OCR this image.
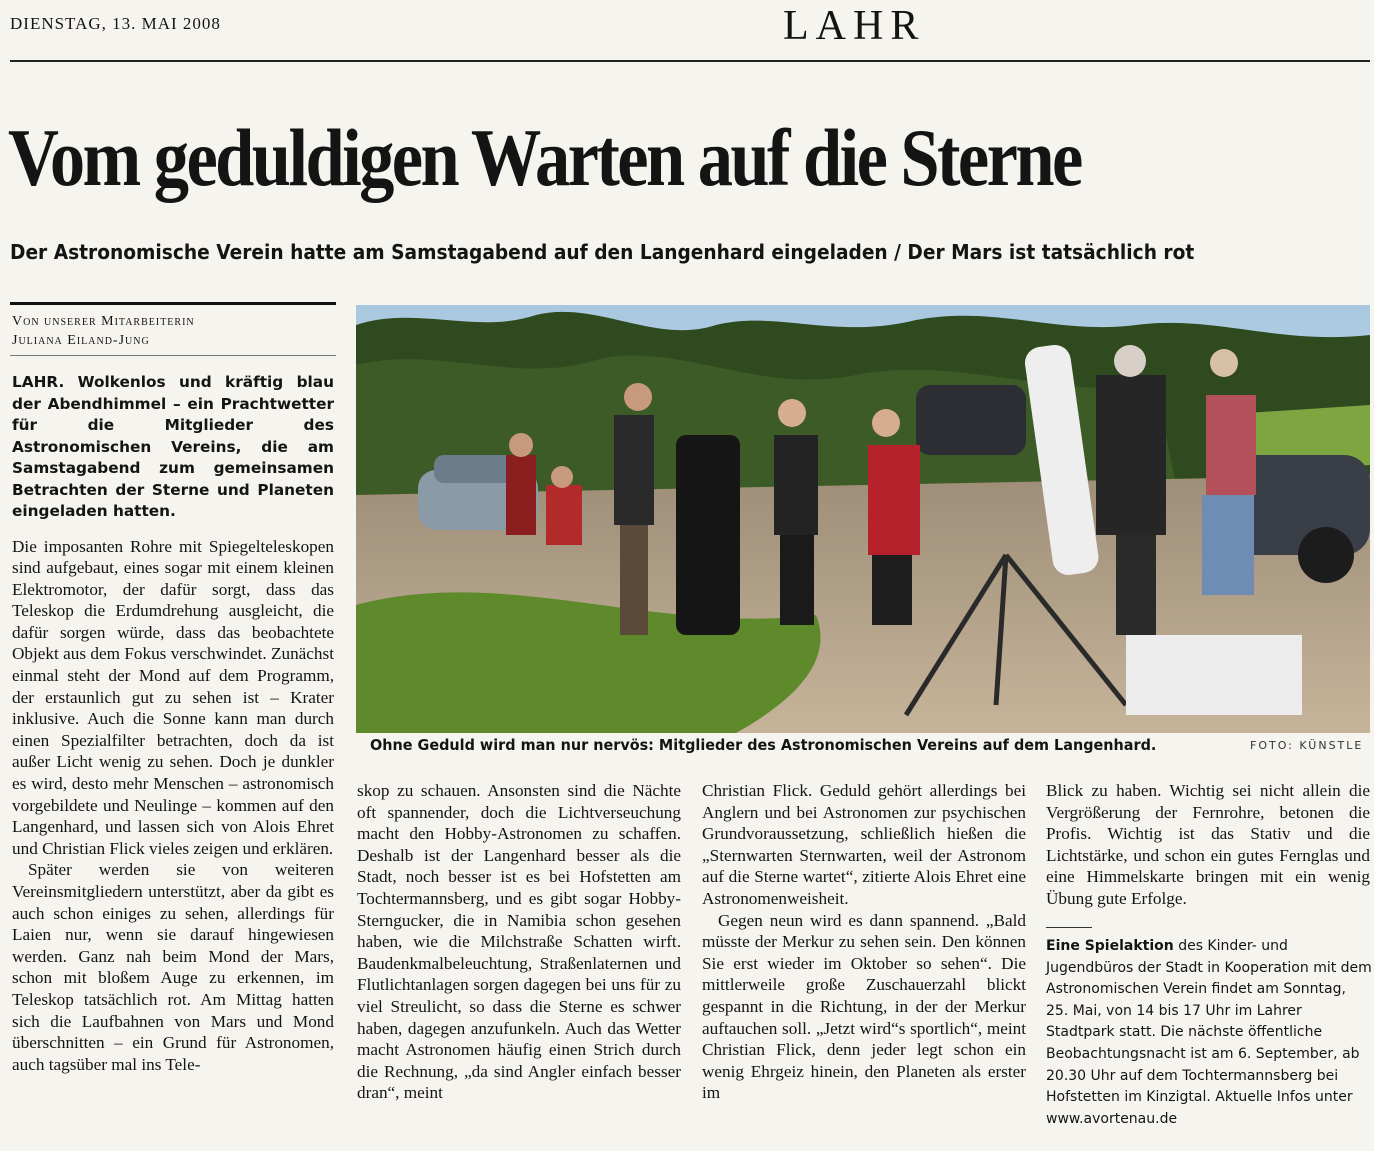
DIENSTAG, 13. MAI 2008	LAHR
Vom geduldigen Warten auf die Sterne
Der Astronomische Verein hatte am Samstagabend auf den Langenhard eingeladen / Der Mars ist tatsächlich rot
Von unserer Mitarbeiterin
Juliana Eiland-Jung
Ohne Geduld wird man nur nervös: Mitglieder des Astronomischen Vereins auf dem Langenhard.	FOTO: KÜNSTLE

LAHR. Wolkenlos und kräftig blau der Abendhimmel – ein Prachtwetter für die Mitglieder des Astronomischen Vereins, die am Samstagabend zum gemeinsamen Betrachten der Sterne und Planeten eingeladen hatten.

Die imposanten Rohre mit Spiegelteleskopen sind aufgebaut, eines sogar mit einem kleinen Elektromotor, der dafür sorgt, dass das Teleskop die Erdumdrehung ausgleicht, die dafür sorgen würde, dass das beobachtete Objekt aus dem Fokus verschwindet. Zunächst einmal steht der Mond auf dem Programm, der erstaunlich gut zu sehen ist – Krater inklusive. Auch die Sonne kann man durch einen Spezialfilter betrachten, doch da ist außer Licht wenig zu sehen. Doch je dunkler es wird, desto mehr Menschen – astronomisch vorgebildete und Neulinge – kommen auf den Langenhard, und lassen sich von Alois Ehret und Christian Flick vieles zeigen und erklären.

Später werden sie von weiteren Vereinsmitgliedern unterstützt, aber da gibt es auch schon einiges zu sehen, allerdings für Laien nur, wenn sie darauf hingewiesen werden. Ganz nah beim Mond der Mars, schon mit bloßem Auge zu erkennen, im Teleskop tatsächlich rot. Am Mittag hatten sich die Laufbahnen von Mars und Mond überschnitten – ein Grund für Astronomen, auch tagsüber mal ins Tele-

skop zu schauen. Ansonsten sind die Nächte oft spannender, doch die Lichtverseuchung macht den Hobby-Astronomen zu schaffen. Deshalb ist der Langenhard besser als die Stadt, noch besser ist es bei Hofstetten am Tochtermannsberg, und es gibt sogar Hobby-Sterngucker, die in Namibia schon gesehen haben, wie die Milchstraße Schatten wirft. Baudenkmalbeleuchtung, Straßenlaternen und Flutlichtanlagen sorgen dagegen bei uns für zu viel Streulicht, so dass die Sterne es schwer haben, dagegen anzufunkeln. Auch das Wetter macht Astronomen häufig einen Strich durch die Rechnung, „da sind Angler einfach besser dran“, meint

Christian Flick. Geduld gehört allerdings bei Anglern und bei Astronomen zur psychischen Grundvoraussetzung, schließlich hießen die „Sternwarten Sternwarten, weil der Astronom auf die Sterne wartet“, zitierte Alois Ehret eine Astronomenweisheit.

Gegen neun wird es dann spannend. „Bald müsste der Merkur zu sehen sein. Den können Sie erst wieder im Oktober so sehen“. Die mittlerweile große Zuschauerzahl blickt gespannt in die Richtung, in der der Merkur auftauchen soll. „Jetzt wird“s sportlich“, meint Christian Flick, denn jeder legt schon ein wenig Ehrgeiz hinein, den Planeten als erster im

Blick zu haben. Wichtig sei nicht allein die Vergrößerung der Fernrohre, betonen die Profis. Wichtig ist das Stativ und die Lichtstärke, und schon ein gutes Fernglas und eine Himmelskarte bringen mit ein wenig Übung gute Erfolge.

Eine Spielaktion des Kinder- und Jugendbüros der Stadt in Kooperation mit dem Astronomischen Verein findet am Sonntag, 25. Mai, von 14 bis 17 Uhr im Lahrer Stadtpark statt. Die nächste öffentliche Beobachtungsnacht ist am 6. September, ab 20.30 Uhr auf dem Tochtermannsberg bei Hofstetten im Kinzigtal. Aktuelle Infos unter www.avortenau.de
